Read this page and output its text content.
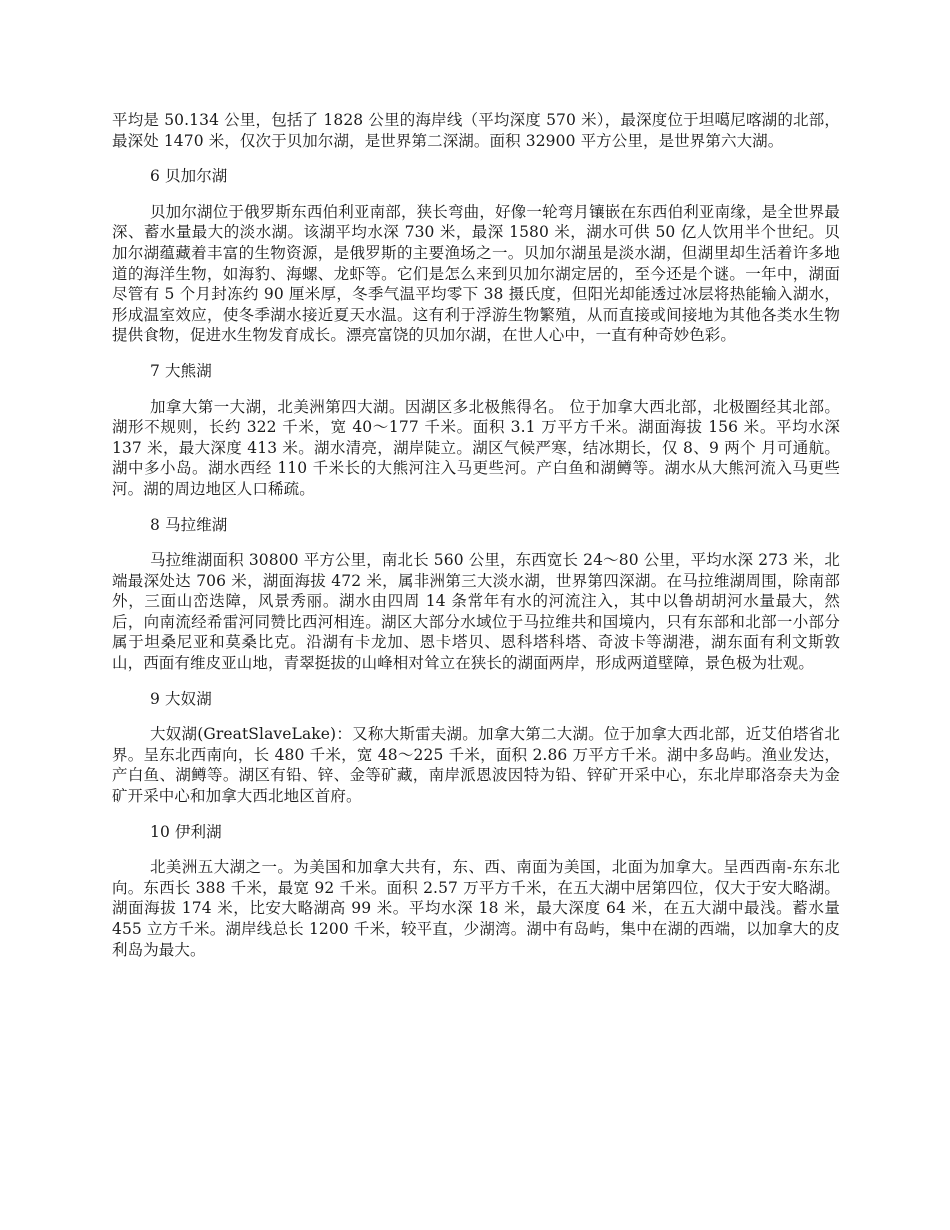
平均是 50.134 公里，包括了 1828 公里的海岸线（平均深度 570 米），最深度位于坦噶尼喀湖的北部，最深处 1470 米，仅次于贝加尔湖，是世界第二深湖。面积 32900 平方公里，是世界第六大湖。

6 贝加尔湖

贝加尔湖位于俄罗斯东西伯利亚南部，狭长弯曲，好像一轮弯月镶嵌在东西伯利亚南缘，是全世界最深、蓄水量最大的淡水湖。该湖平均水深 730 米，最深 1580 米，湖水可供 50 亿人饮用半个世纪。贝加尔湖蕴藏着丰富的生物资源，是俄罗斯的主要渔场之一。贝加尔湖虽是淡水湖，但湖里却生活着许多地道的海洋生物，如海豹、海螺、龙虾等。它们是怎么来到贝加尔湖定居的，至今还是个谜。一年中，湖面尽管有 5 个月封冻约 90 厘米厚，冬季气温平均零下 38 摄氏度，但阳光却能透过冰层将热能输入湖水，形成温室效应，使冬季湖水接近夏天水温。这有利于浮游生物繁殖，从而直接或间接地为其他各类水生物提供食物，促进水生物发育成长。漂亮富饶的贝加尔湖，在世人心中，一直有种奇妙色彩。

7 大熊湖

加拿大第一大湖，北美洲第四大湖。因湖区多北极熊得名。 位于加拿大西北部，北极圈经其北部。湖形不规则，长约 322 千米，宽 40～177 千米。面积 3.1 万平方千米。湖面海拔 156 米。平均水深 137 米，最大深度 413 米。湖水清亮，湖岸陡立。湖区气候严寒，结冰期长，仅 8、9 两个 月可通航。湖中多小岛。湖水西经 110 千米长的大熊河注入马更些河。产白鱼和湖鳟等。湖水从大熊河流入马更些河。湖的周边地区人口稀疏。

8 马拉维湖

马拉维湖面积 30800 平方公里，南北长 560 公里，东西宽长 24～80 公里，平均水深 273 米，北端最深处达 706 米，湖面海拔 472 米，属非洲第三大淡水湖，世界第四深湖。在马拉维湖周围，除南部外，三面山峦迭障，风景秀丽。湖水由四周 14 条常年有水的河流注入，其中以鲁胡胡河水量最大，然后，向南流经希雷河同赞比西河相连。湖区大部分水域位于马拉维共和国境内，只有东部和北部一小部分属于坦桑尼亚和莫桑比克。沿湖有卡龙加、恩卡塔贝、恩科塔科塔、奇波卡等湖港，湖东面有利文斯敦山，西面有维皮亚山地，青翠挺拔的山峰相对耸立在狭长的湖面两岸，形成两道壁障，景色极为壮观。

9 大奴湖

大奴湖(GreatSlaveLake)：又称大斯雷夫湖。加拿大第二大湖。位于加拿大西北部，近艾伯塔省北界。呈东北西南向，长 480 千米，宽 48～225 千米，面积 2.86 万平方千米。湖中多岛屿。渔业发达，产白鱼、湖鳟等。湖区有铅、锌、金等矿藏，南岸派恩波因特为铅、锌矿开采中心，东北岸耶洛奈夫为金矿开采中心和加拿大西北地区首府。

10 伊利湖

北美洲五大湖之一。为美国和加拿大共有，东、西、南面为美国，北面为加拿大。呈西西南-东东北向。东西长 388 千米，最宽 92 千米。面积 2.57 万平方千米，在五大湖中居第四位，仅大于安大略湖。湖面海拔 174 米，比安大略湖高 99 米。平均水深 18 米，最大深度 64 米，在五大湖中最浅。蓄水量 455 立方千米。湖岸线总长 1200 千米，较平直，少湖湾。湖中有岛屿，集中在湖的西端，以加拿大的皮利岛为最大。
